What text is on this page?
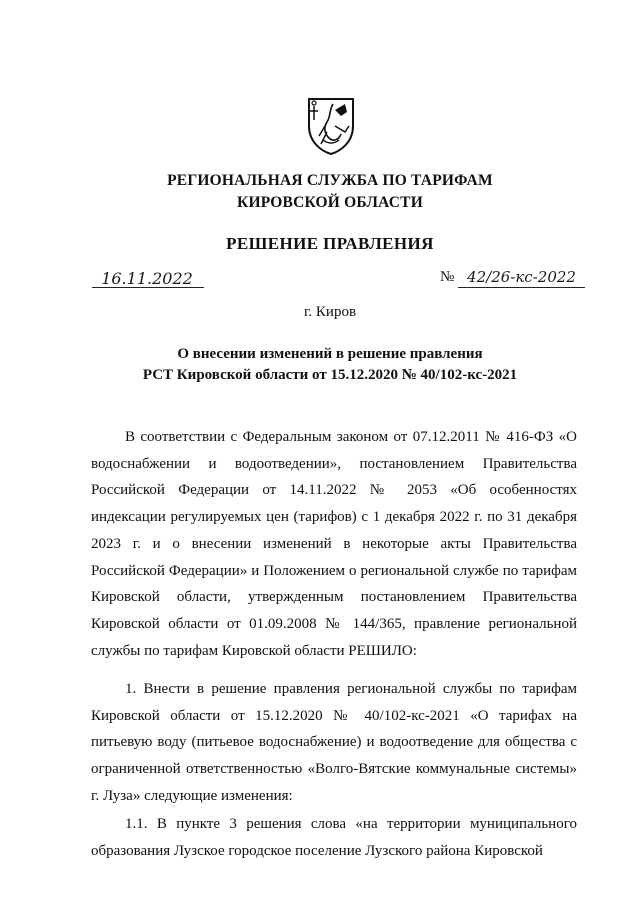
РЕГИОНАЛЬНАЯ СЛУЖБА ПО ТАРИФАМ
КИРОВСКОЙ ОБЛАСТИ
РЕШЕНИЕ ПРАВЛЕНИЯ
16.11.2022	№ 42/26-кс-2022
г. Киров
О внесении изменений в решение правления
РСТ Кировской области от 15.12.2020 № 40/102-кс-2021

В соответствии с Федеральным законом от 07.12.2011 № 416-ФЗ «О водоснабжении и водоотведении», постановлением Правительства Российской Федерации от 14.11.2022 № 2053 «Об особенностях индексации регулируемых цен (тарифов) с 1 декабря 2022 г. по 31 декабря 2023 г. и о внесении изменений в некоторые акты Правительства Российской Федерации» и Положением о региональной службе по тарифам Кировской области, утвержденным постановлением Правительства Кировской области от 01.09.2008 № 144/365, правление региональной службы по тарифам Кировской области РЕШИЛО:

1. Внести в решение правления региональной службы по тарифам Кировской области от 15.12.2020 № 40/102-кс-2021 «О тарифах на питьевую воду (питьевое водоснабжение) и водоотведение для общества с ограниченной ответственностью «Волго-Вятские коммунальные системы» г. Луза» следующие изменения:

1.1. В пункте 3 решения слова «на территории муниципального образования Лузское городское поселение Лузского района Кировской
